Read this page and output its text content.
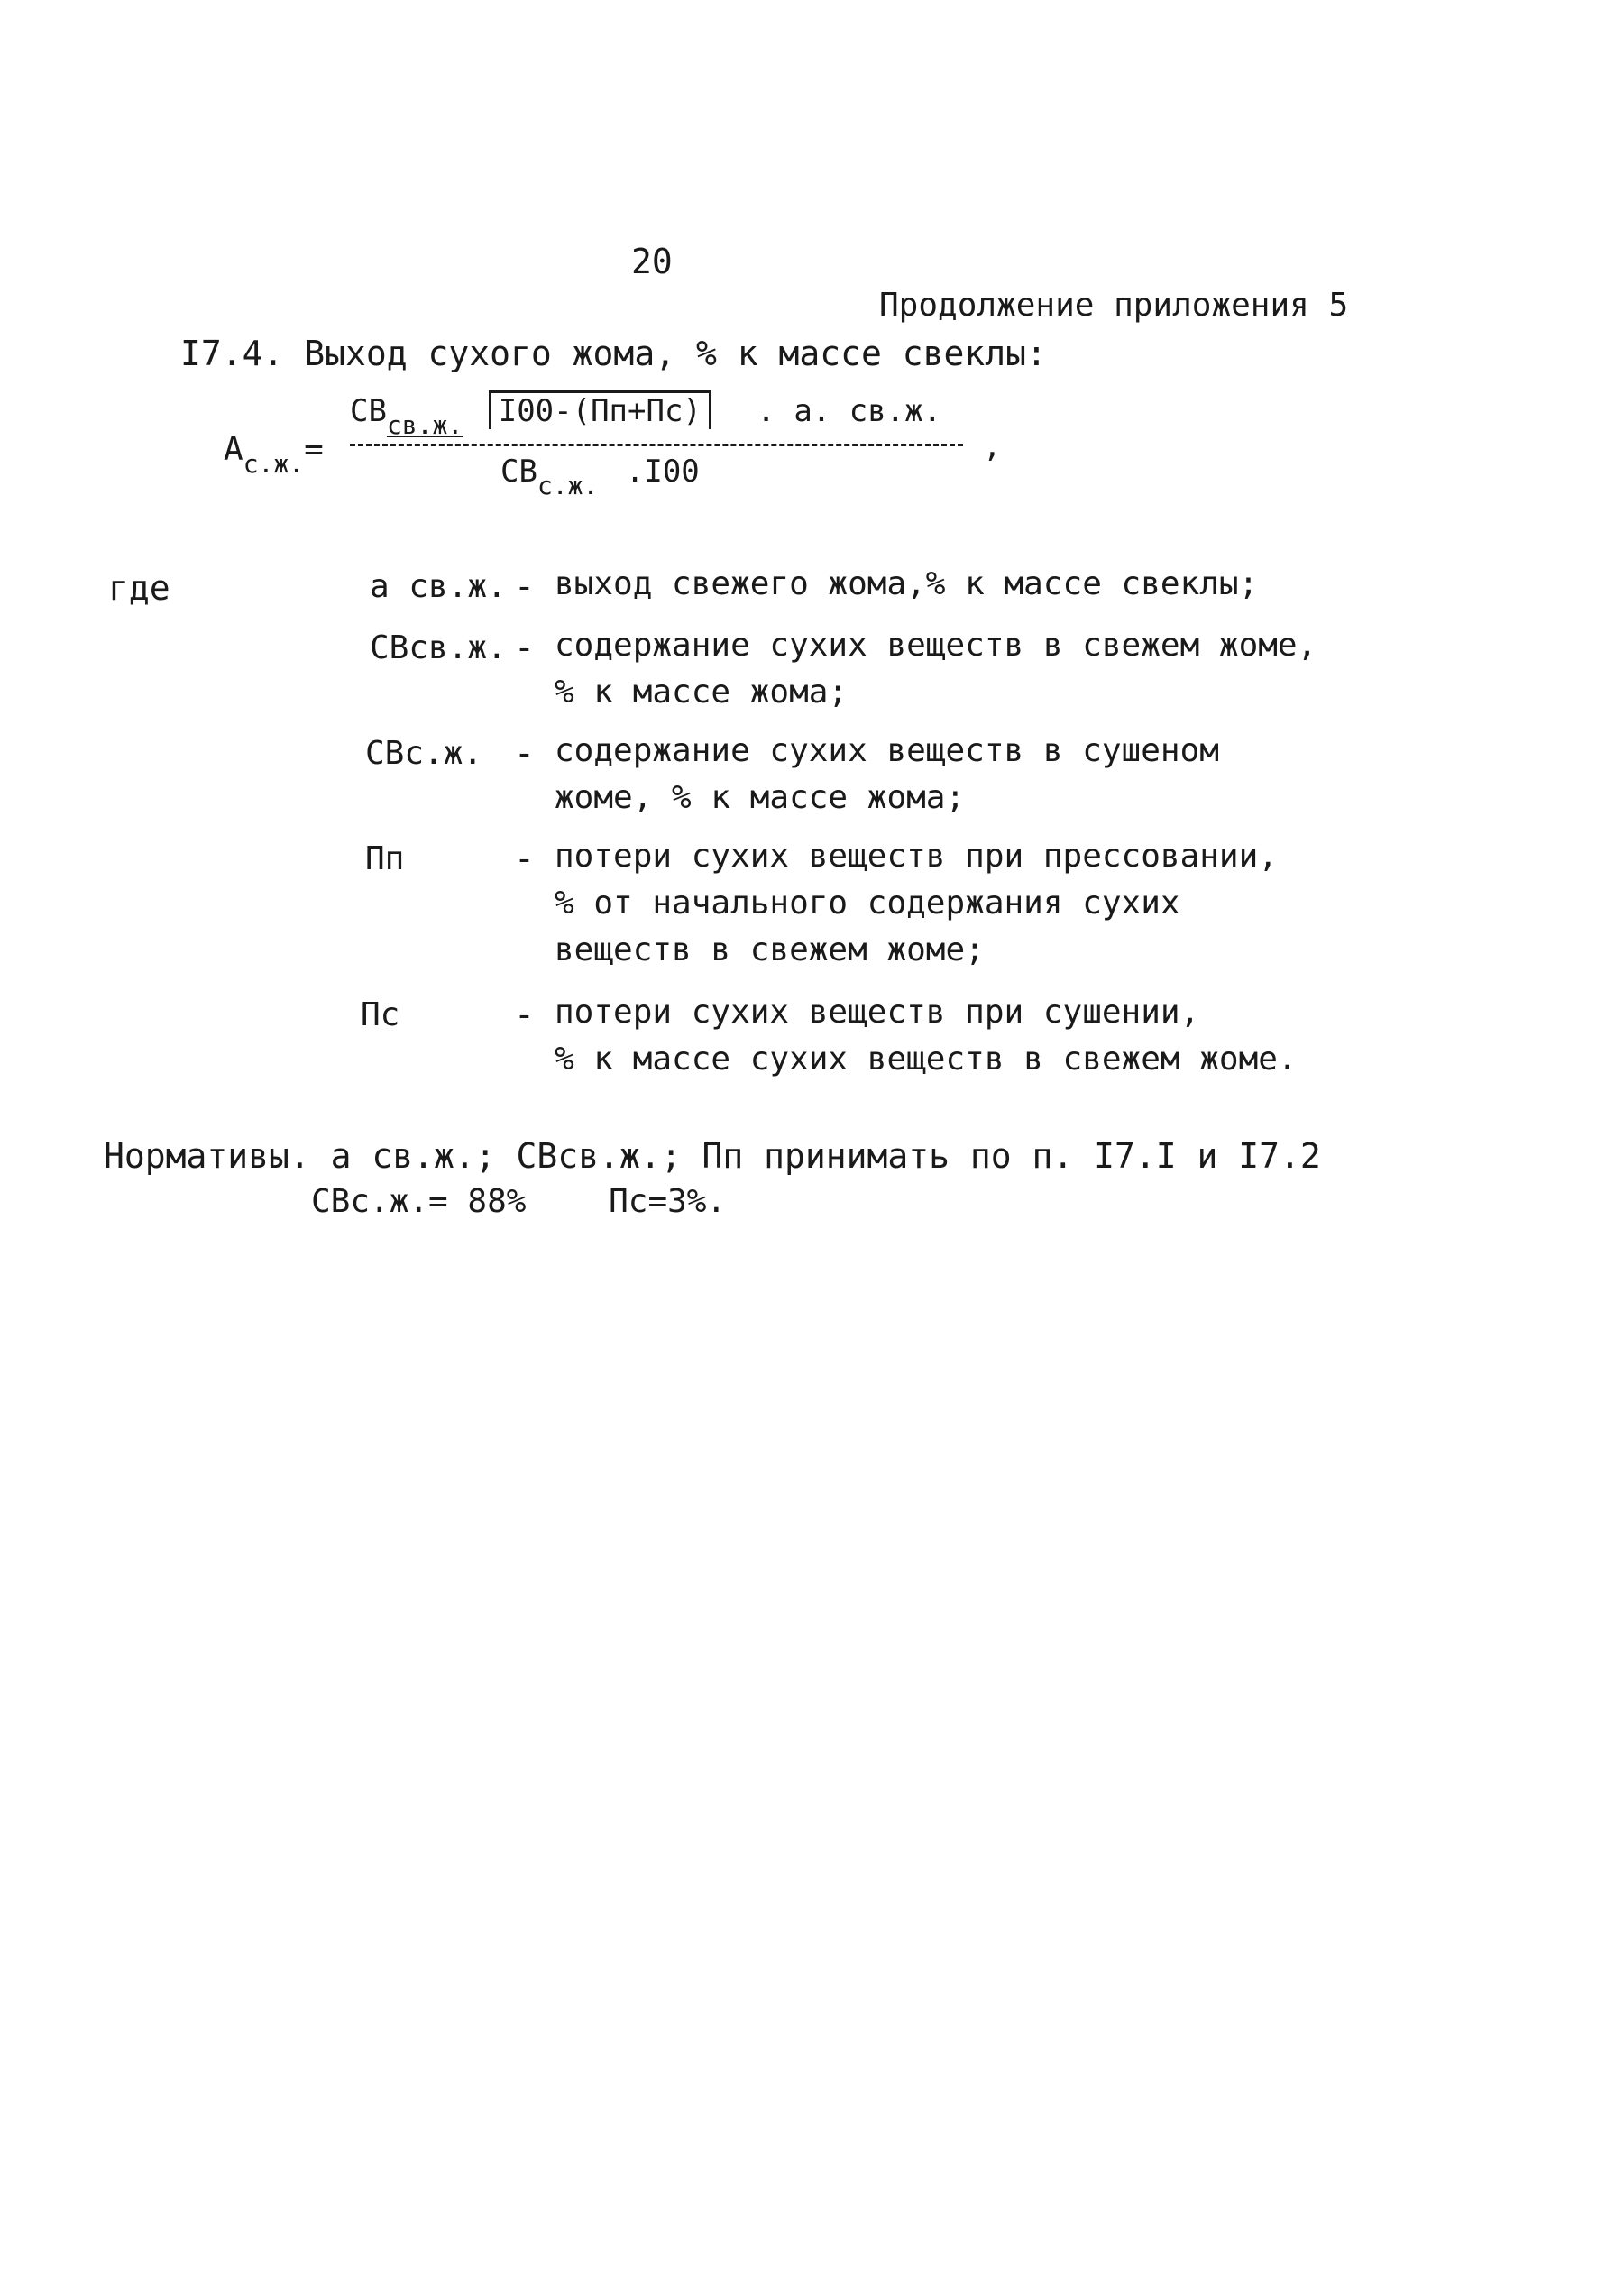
20
Продолжение приложения 5
I7.4. Выход сухого жома, % к массе свеклы:
$А_{с.ж.}=$
$СВ_{св.ж.}$ I00-(Пп+Пс) . а. св.ж.
,
$СВ_{с.ж.}$ .I00
где	а св.ж. - выход свежего жома,% к массе свеклы;
СВсв.ж. - содержание сухих веществ в свежем жоме,
% к массе жома;
СВс.ж. - содержание сухих веществ в сушеном
жоме, % к массе жома;
Пп	- потери сухих веществ при прессовании,
% от начального содержания сухих
веществ в свежем жоме;
Пс	- потери сухих веществ при сушении,
% к массе сухих веществ в свежем жоме.
Нормативы. а св.ж.; СВсв.ж.; Пп принимать по п. I7.I и I7.2
СВс.ж.= 88%	Пс=3%.
